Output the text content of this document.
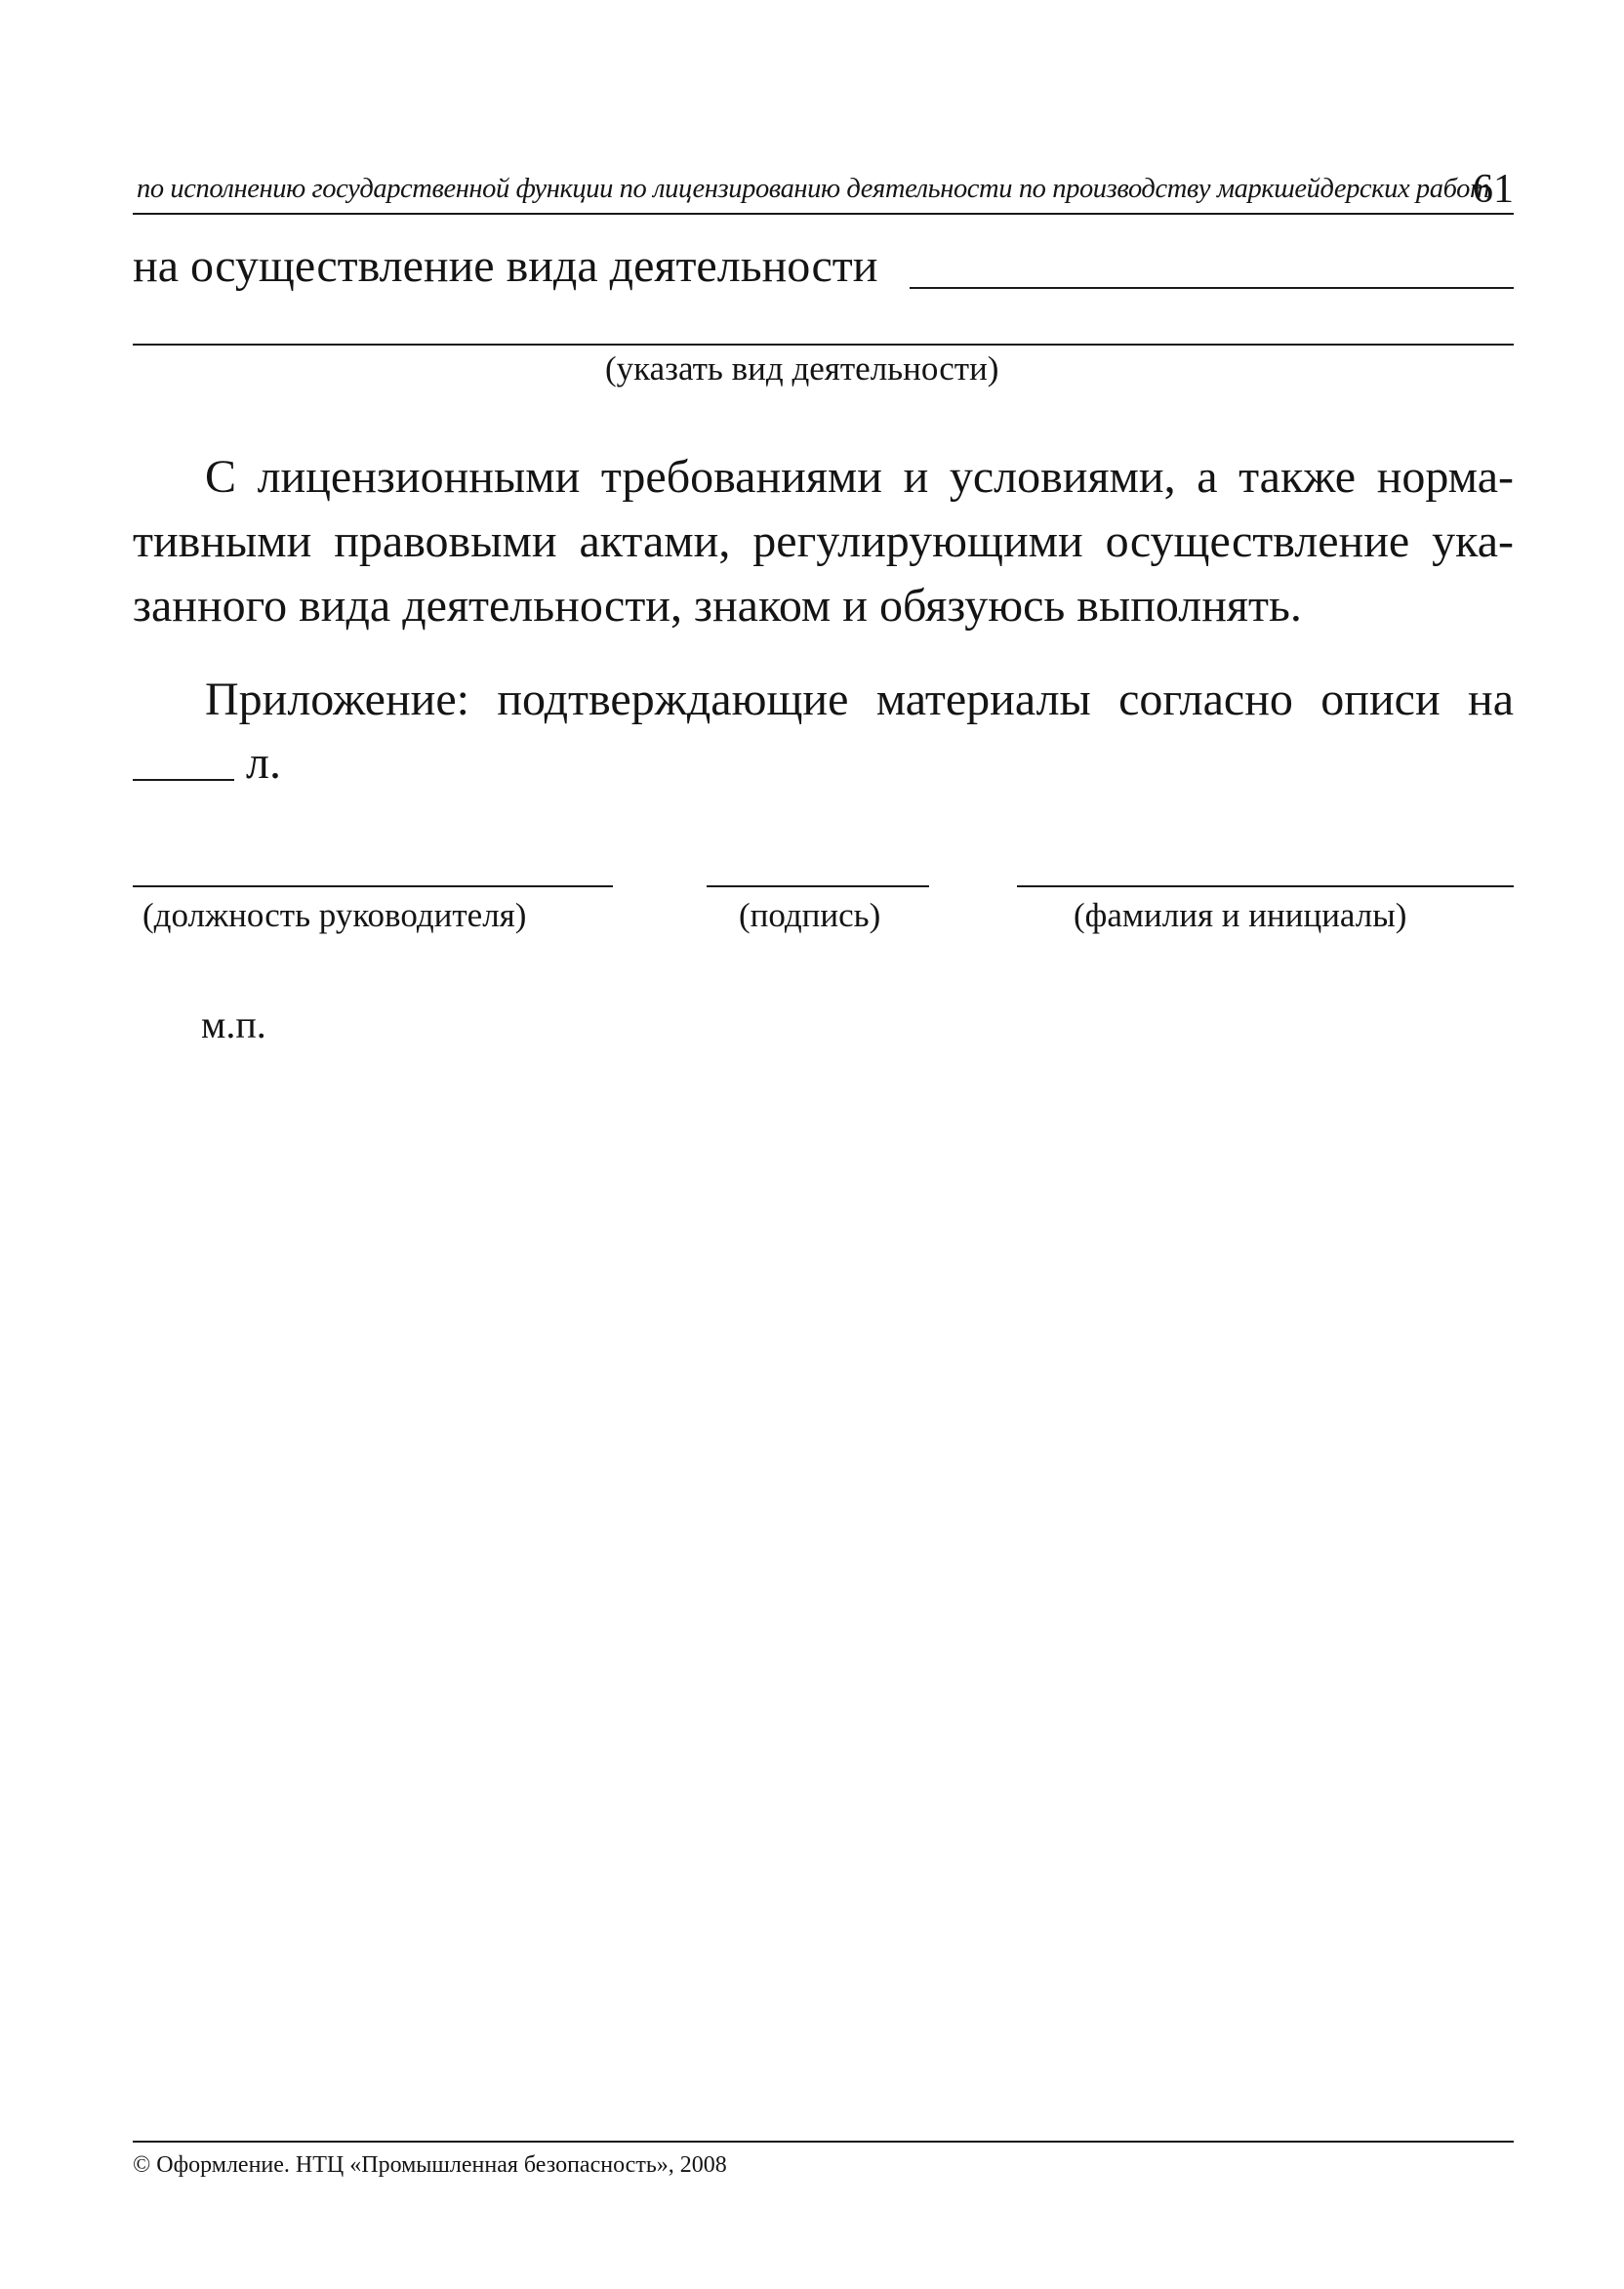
по исполнению государственной функции по лицензированию деятельности по производству маркшейдерских работ
61
на осуществление вида деятельности
(указать вид деятельности)
С лицензионными требованиями и условиями, а также норма-
тивными правовыми актами, регулирующими осуществление ука-
занного вида деятельности, знаком и обязуюсь выполнять.
Приложение: подтверждающие материалы согласно описи на
л.
(должность руководителя)	(подпись)	(фамилия и инициалы)
м.п.
© Оформление. НТЦ «Промышленная безопасность», 2008
